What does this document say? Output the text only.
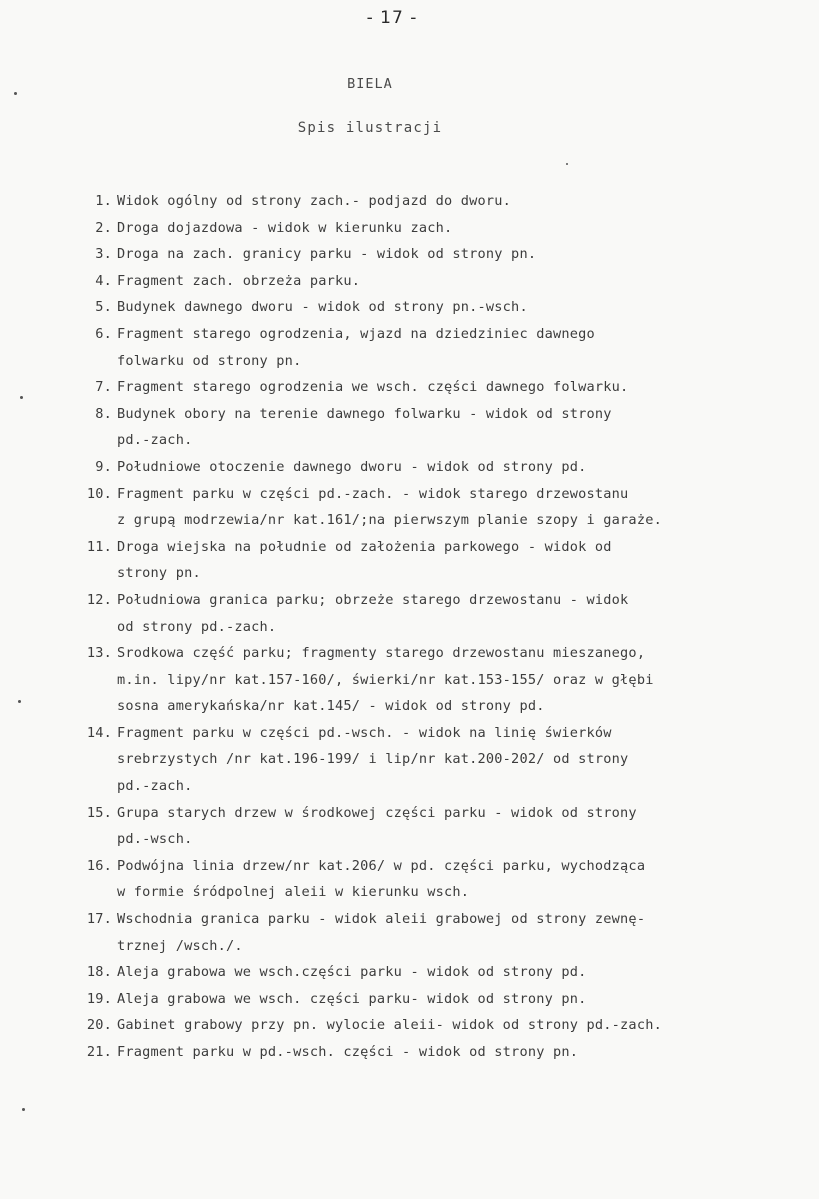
- 17 -
BIELA
Spis ilustracji
1. Widok ogólny od strony zach.- podjazd do dworu.
2. Droga dojazdowa - widok w kierunku zach.
3. Droga na zach. granicy parku - widok od strony pn.
4. Fragment zach. obrzeża parku.
5. Budynek dawnego dworu - widok od strony pn.-wsch.
6. Fragment starego ogrodzenia, wjazd na dziedziniec dawnego
folwarku od strony pn.
7. Fragment starego ogrodzenia we wsch. części dawnego folwarku.
8. Budynek obory na terenie dawnego folwarku - widok od strony
pd.-zach.
9. Południowe otoczenie dawnego dworu - widok od strony pd.
10. Fragment parku w części pd.-zach. - widok starego drzewostanu
z grupą modrzewia/nr kat.161/;na pierwszym planie szopy i garaże.
11. Droga wiejska na południe od założenia parkowego - widok od
strony pn.
12. Południowa granica parku; obrzeże starego drzewostanu - widok
od strony pd.-zach.
13. Srodkowa część parku; fragmenty starego drzewostanu mieszanego,
m.in. lipy/nr kat.157-160/, świerki/nr kat.153-155/ oraz w głębi
sosna amerykańska/nr kat.145/ - widok od strony pd.
14. Fragment parku w części pd.-wsch. - widok na linię świerków
srebrzystych /nr kat.196-199/ i lip/nr kat.200-202/ od strony
pd.-zach.
15. Grupa starych drzew w środkowej części parku - widok od strony
pd.-wsch.
16. Podwójna linia drzew/nr kat.206/ w pd. części parku, wychodząca
w formie śródpolnej aleii w kierunku wsch.
17. Wschodnia granica parku - widok aleii grabowej od strony zewnę-
trznej /wsch./.
18. Aleja grabowa we wsch.części parku - widok od strony pd.
19. Aleja grabowa we wsch. części parku- widok od strony pn.
20. Gabinet grabowy przy pn. wylocie aleii- widok od strony pd.-zach.
21. Fragment parku w pd.-wsch. części - widok od strony pn.
